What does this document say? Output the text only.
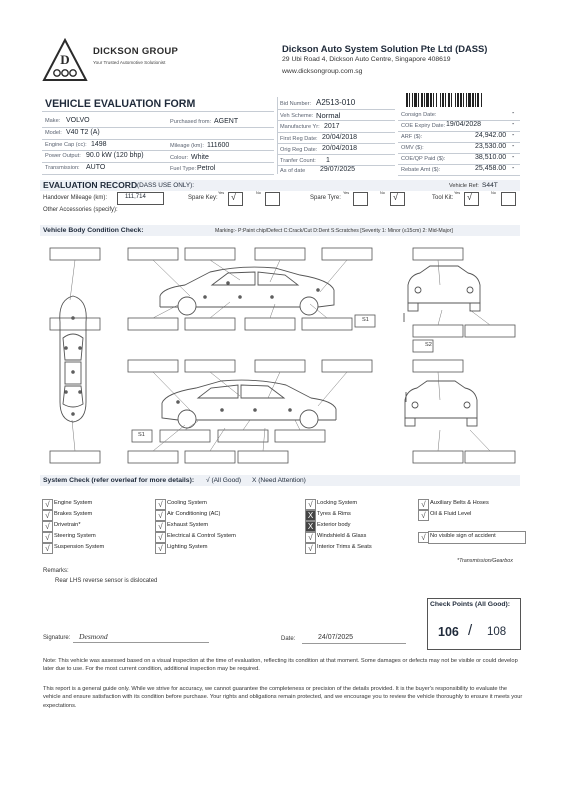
D
DICKSON GROUP
Your Trusted Automotive Solutionist
Dickson Auto System Solution Pte Ltd (DASS)
29 Ubi Road 4, Dickson Auto Centre, Singapore 408619
www.dicksongroup.com.sg
VEHICLE EVALUATION FORM
Make: VOLVO
Model: V40 T2 (A)
Engine Cap (cc): 1498
Power Output: 90.0 kW (120 bhp)
Transmission: AUTO
Purchased from: AGENT
Mileage (km): 111600
Colour: White
Fuel Type: Petrol
Bid Number: A2513-010
Veh Scheme: Normal
Manufacture Yr: 2017
First Reg Date: 20/04/2018
Orig Reg Date: 20/04/2018
Tranfer Count: 1
As of date 29/07/2025
Consign Date:	-
COE Expiry Date: 19/04/2028	-
ARF ($):	24,942.00 -
OMV ($):	23,530.00 -
COE/QP Paid ($):	38,510.00 -
Rebate Amt ($):	25,458.00 -
EVALUATION RECORD (DASS USE ONLY):	Vehicle Ref: S44T
Handover Mileage (km):	111,714	Spare Key:
Yes √	No
Spare Tyre:
Yes	No √	Tool Kit:
Yes √	No
Other Accessories (specify):
Vehicle Body Condition Check:	Marking:- P:Paint chip/Defect C:Crack/Cut D:Dent S:Scratches [Severity 1: Minor (≤15cm) 2: Mid-Major]
S1
S2
S1
System Check (refer overleaf for more details): √ (All Good) X (Need Attention)
√ Engine System
√ Brakes System
√ Drivetrain*
√ Steering System
√ Suspension System
√ Cooling System
√ Air Conditioning (AC)
√ Exhaust System
√ Electrical & Control System
√ Lighting System
√ Locking System
X Tyres & Rims
X Exterior body
√ Windshield & Glass
√ Interior Trims & Seats
√ Auxiliary Belts & Hoses
√ Oil & Fluid Level
√ No visible sign of accident
*Transmission/Gearbox
Remarks:
Rear LHS reverse sensor is dislocated
Check Points (All Good):
106 / 108
Signature: Desmond	Date:	24/07/2025
Note: This vehicle was assessed based on a visual inspection at the time of evaluation, reflecting its condition at that moment. Some damages or defects may not be visible or could develop later due to use. For the most current condition, additional inspection may be required.
This report is a general guide only. While we strive for accuracy, we cannot guarantee the completeness or precision of the details provided. It is the buyer's responsibility to evaluate the vehicle and ensure satisfaction with its condition before purchase. Your rights and obligations remain protected, and we encourage you to review the vehicle thoroughly to ensure it meets your expectations.
